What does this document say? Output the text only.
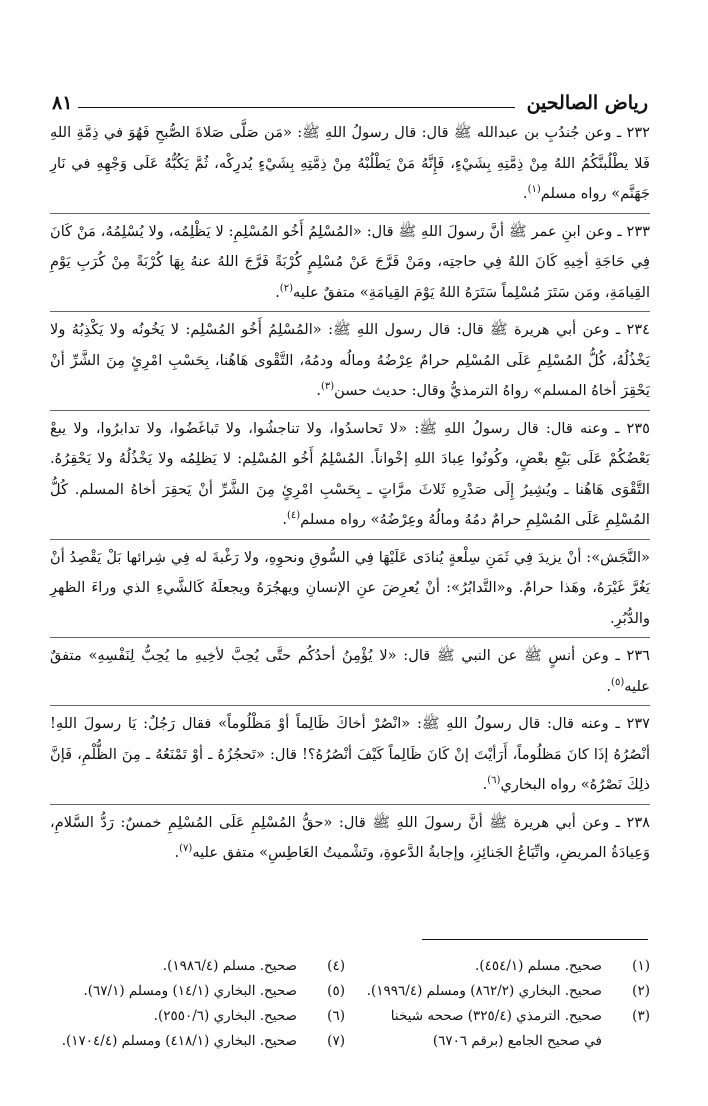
رياض الصالحين
٨١

٢٣٢ ـ وعن جُندُبِ بن عبدالله ﷺ قال: قال رسولُ اللهِ ﷺ: «مَن صَلَّى صَلاةَ الصُّبحِ فَهُوَ في ذِمَّةِ اللهِ فَلا يطْلُبنَّكُمُ اللهُ مِنْ ذِمَّتِهِ بِشَيْءٍ، فَإِنَّهُ مَنْ يَطْلُبْهُ مِنْ ذِمَّتِهِ بِشَيْءٍ يُدرِكْه، ثُمَّ يَكُبُّهُ عَلَى وَجْهِهِ في نَارِ جَهَنَّم» رواه مسلم$^{(١)}$.

٢٣٣ ـ وعن ابنِ عمر ﷺ أنَّ رسولَ اللهِ ﷺ قال: «المُسْلِمُ أَخُو المُسْلِمِ: لا يَظْلِمُه، ولا يُسْلِمُهُ، مَنْ كَانَ فِي حَاجَةِ أخِيهِ كَانَ اللهُ فِي حاجتِه، ومَنْ فَرَّجَ عَنْ مُسْلِمٍ كُرْبَةً فَرَّجَ اللهُ عنهُ بِهَا كُرْبَةً مِنْ كُرَبِ يَوْمِ القِيامَةِ، ومَن سَتَرَ مُسْلِماً سَتَرَهُ اللهُ يَوْمَ القِيامَةِ» متفقٌ عليه$^{(٢)}$.

٢٣٤ ـ وعن أبي هريرة ﷺ قال: قال رسول اللهِ ﷺ: «المُسْلِمُ أَخُو المُسْلِم: لا يَخُونُه ولا يَكْذِبُهُ ولا يَخْذُلُهُ، كُلُّ المُسْلِمِ عَلَى المُسْلِم حرامٌ عِرْضُهُ ومالُه ودمُهُ، التَّقْوى هَاهُنا، بِحَسْبِ امْرِئٍ مِنَ الشَّرِّ أنْ يَحْقِرَ أخاهُ المسلم» رواهُ الترمذيُّ وقال: حديث حسن$^{(٣)}$.

٢٣٥ ـ وعنه قال: قال رسولُ اللهِ ﷺ: «لا تَحاسدُوا، ولا تناجشُوا، ولا تَباغَضُوا، ولا تدابرُوا، ولا يبعْ بَعْضُكُمْ عَلَى بَيْعِ بعْضٍ، وكُونُوا عِبادَ اللهِ إخْواناً. المُسْلِمُ أَخُو المُسْلِم: لا يَظلِمُه ولا يَخْذُلُهُ ولا يَحْقِرُهُ. التَّقْوَى هَاهُنا ـ ويُشِيرُ إِلَى صَدْرِهِ ثَلاثَ مرَّاتٍ ـ بِحَسْبِ امْرِئٍ مِنَ الشَّرِّ أنْ يَحقِرَ أخاهُ المسلم. كُلُّ المُسْلِمِ عَلَى المُسْلِمِ حرامٌ دمُهُ ومالُهُ وعِرْضُهُ» رواه مسلم$^{(٤)}$.

«النَّجَش»: أنْ يزيدَ فِي ثَمَنِ سِلْعةٍ يُنادَى عَلَيْهَا فِي السُّوقِ ونحوِهِ، ولا رَغْبةَ له فِي شِرائها بَلْ يَقْصِدُ أنْ يَغُرَّ غَيْرَهُ، وهَذا حرامٌ. و«التَّدابُرُ»: أنْ يُعرِضَ عنِ الإنسانِ ويهجُرَهُ ويجعلَهُ كَالشَّيءِ الذي وراءَ الظهرِ والدُّبُرِ.

٢٣٦ ـ وعن أنسٍ ﷺ عن النبي ﷺ قال: «لا يُؤْمِنُ أحدُكُم حتَّى يُحِبَّ لأخِيهِ ما يُحِبُّ لِنَفْسِهِ» متفقٌ عليه$^{(٥)}$.

٢٣٧ ـ وعنه قال: قال رسولُ اللهِ ﷺ: «انْصُرْ أخاكَ ظَالِماً أوْ مَظْلُوماً» فقال رَجُلٌ: يَا رسولَ اللهِ! أنْصُرُهُ إذَا كانَ مَظلُوماً، أَرَأيْتَ إنْ كَانَ ظَالِماً كَيْفَ أنْصُرُهُ؟! قال: «تَحجُزُهُ ـ أوْ تَمْنَعُهُ ـ مِنَ الظُّلْمِ، فَإنَّ ذلِكَ نَصْرُهُ» رواه البخاري$^{(٦)}$.

٢٣٨ ـ وعن أبي هريرة ﷺ أنَّ رسولَ اللهِ ﷺ قال: «حقُّ المُسْلِمِ عَلَى المُسْلِمِ خمسٌ: رَدُّ السَّلامِ، وَعِيادَةُ المريضِ، واتِّبَاعُ الجَنائِزِ، وإجابةُ الدَّعوةِ، وتَشْميتُ العَاطِسِ» متفق عليه$^{(٧)}$.

(١)
صحيح. مسلم (٤٥٤/١).
(٤)
صحيح. مسلم (١٩٨٦/٤).
(٢)
صحيح. البخاري (٨٦٢/٢) ومسلم (١٩٩٦/٤).
(٥)
صحيح. البخاري (١٤/١) ومسلم (٦٧/١).
(٣)
صحيح. الترمذي (٣٢٥/٤) صححه شيخنا
في صحيح الجامع (برقم ٦٧٠٦)
(٦)
صحيح. البخاري (٢٥٥٠/٦).
(٧)
صحيح. البخاري (٤١٨/١) ومسلم (١٧٠٤/٤).
